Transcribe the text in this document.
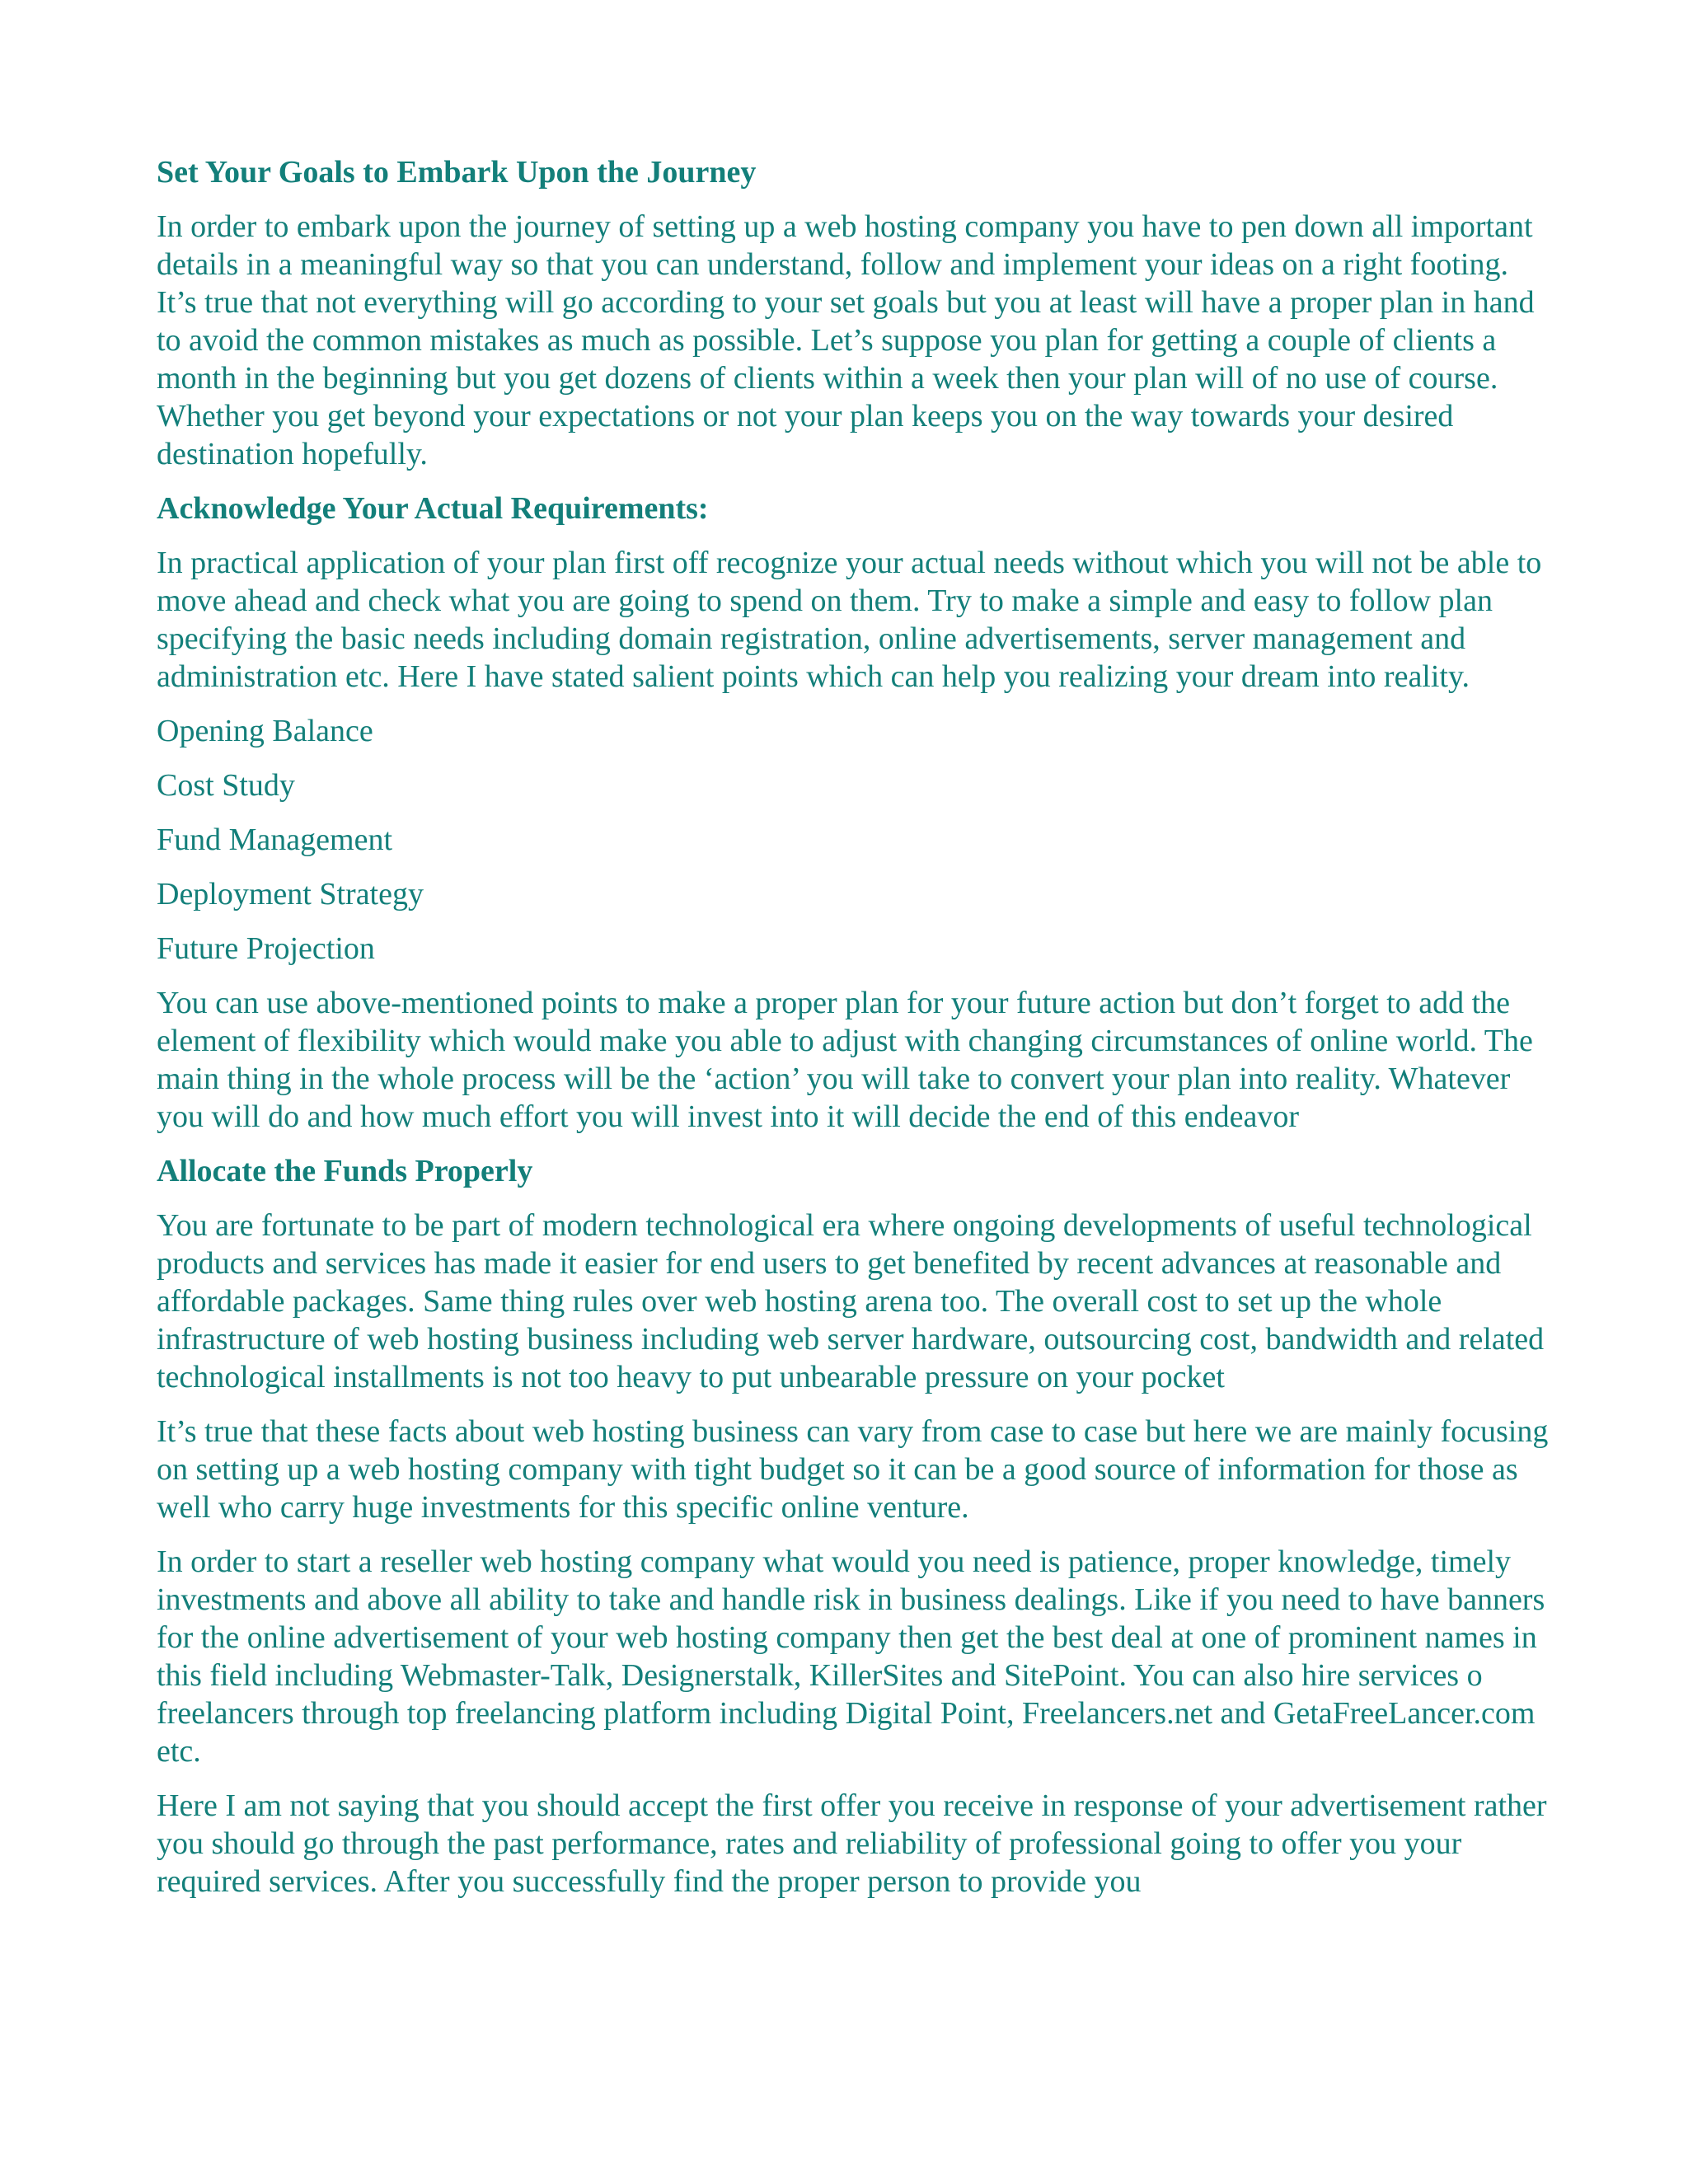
Set Your Goals to Embark Upon the Journey

In order to embark upon the journey of setting up a web hosting company you have to pen down all important details in a meaningful way so that you can understand, follow and implement your ideas on a right footing. It’s true that not everything will go according to your set goals but you at least will have a proper plan in hand to avoid the common mistakes as much as possible. Let’s suppose you plan for getting a couple of clients a month in the beginning but you get dozens of clients within a week then your plan will of no use of course. Whether you get beyond your expectations or not your plan keeps you on the way towards your desired destination hopefully.

Acknowledge Your Actual Requirements:

In practical application of your plan first off recognize your actual needs without which you will not be able to move ahead and check what you are going to spend on them. Try to make a simple and easy to follow plan specifying the basic needs including domain registration, online advertisements, server management and administration etc. Here I have stated salient points which can help you realizing your dream into reality.

Opening Balance

Cost Study

Fund Management

Deployment Strategy

Future Projection

You can use above-mentioned points to make a proper plan for your future action but don’t forget to add the element of flexibility which would make you able to adjust with changing circumstances of online world. The main thing in the whole process will be the ‘action’ you will take to convert your plan into reality. Whatever you will do and how much effort you will invest into it will decide the end of this endeavor

Allocate the Funds Properly

You are fortunate to be part of modern technological era where ongoing developments of useful technological products and services has made it easier for end users to get benefited by recent advances at reasonable and affordable packages. Same thing rules over web hosting arena too. The overall cost to set up the whole infrastructure of web hosting business including web server hardware, outsourcing cost, bandwidth and related technological installments is not too heavy to put unbearable pressure on your pocket

It’s true that these facts about web hosting business can vary from case to case but here we are mainly focusing on setting up a web hosting company with tight budget so it can be a good source of information for those as well who carry huge investments for this specific online venture.

In order to start a reseller web hosting company what would you need is patience, proper knowledge, timely investments and above all ability to take and handle risk in business dealings. Like if you need to have banners for the online advertisement of your web hosting company then get the best deal at one of prominent names in this field including Webmaster-Talk, Designerstalk, KillerSites and SitePoint. You can also hire services o freelancers through top freelancing platform including Digital Point, Freelancers.net and GetaFreeLancer.com etc.

Here I am not saying that you should accept the first offer you receive in response of your advertisement rather you should go through the past performance, rates and reliability of professional going to offer you your required services. After you successfully find the proper person to provide you
